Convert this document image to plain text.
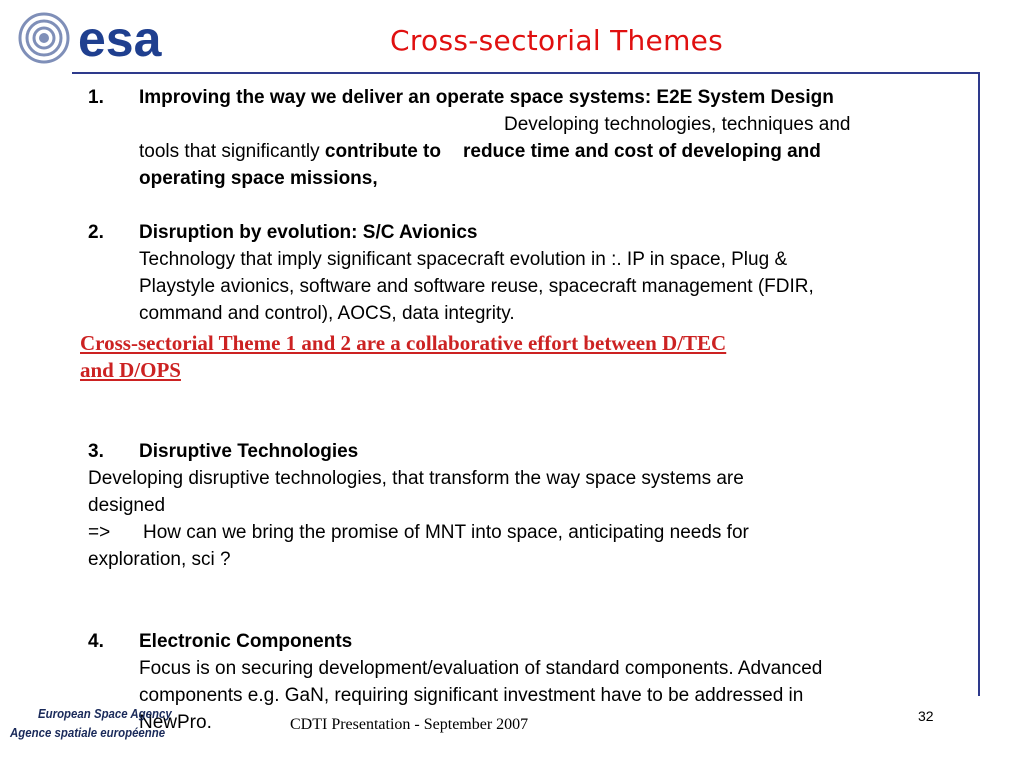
esa	Cross-sectorial Themes
1. Improving the way we deliver an operate space systems: E2E System Design
Developing technologies, techniques and
tools that significantly contribute to reduce time and cost of developing and
operating space missions,
2. Disruption by evolution: S/C Avionics
Technology that imply significant spacecraft evolution in :. IP in space, Plug &
Playstyle avionics, software and software reuse, spacecraft management (FDIR,
command and control), AOCS, data integrity.
Cross-sectorial Theme 1 and 2 are a collaborative effort between D/TEC
and D/OPS
3. Disruptive Technologies
Developing disruptive technologies, that transform the way space systems are
designed
=> How can we bring the promise of MNT into space, anticipating needs for
exploration, sci ?
4. Electronic Components
Focus is on securing development/evaluation of standard components. Advanced
components e.g. GaN, requiring significant investment have to be addressed in
NewPro.
European Space Agency
Agence spatiale européenne	CDTI Presentation - September 2007	32
